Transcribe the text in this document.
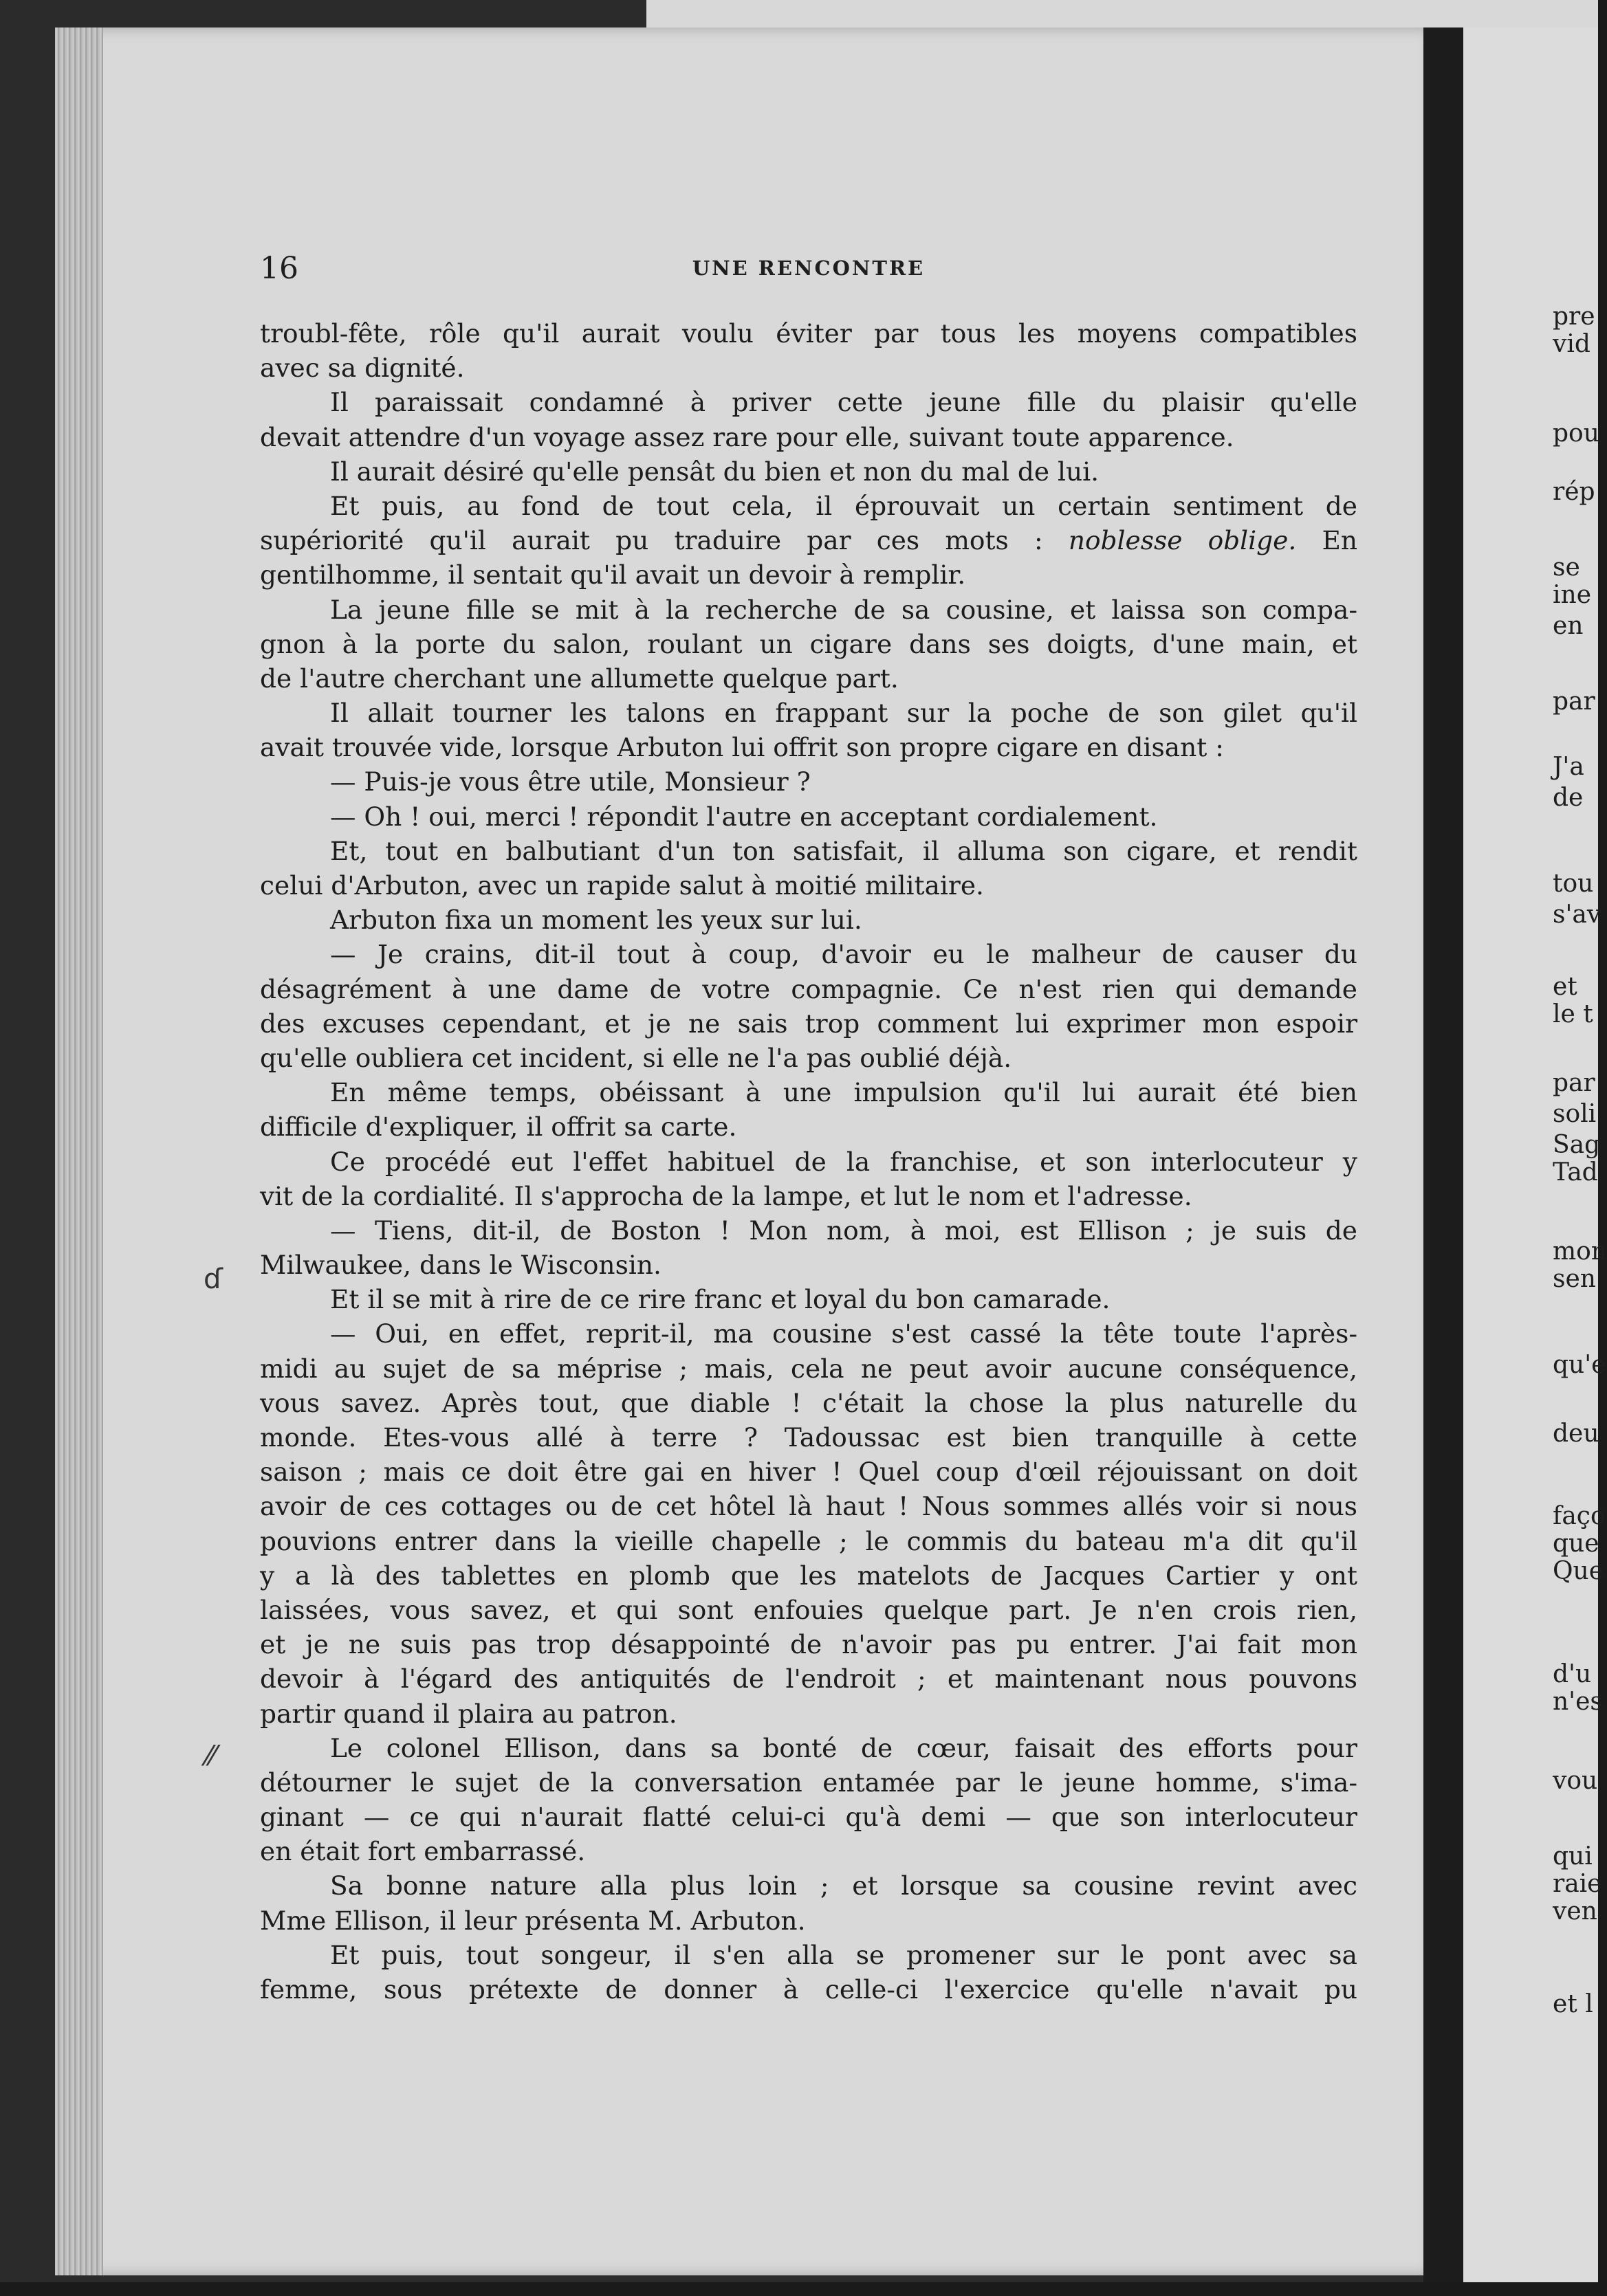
16	UNE RENCONTRE
troubl-fête, rôle qu'il aurait voulu éviter par tous les moyens compatibles
avec sa dignité.
Il paraissait condamné à priver cette jeune fille du plaisir qu'elle
devait attendre d'un voyage assez rare pour elle, suivant toute apparence.
Il aurait désiré qu'elle pensât du bien et non du mal de lui.
Et puis, au fond de tout cela, il éprouvait un certain sentiment de
supériorité qu'il aurait pu traduire par ces mots : noblesse oblige. En
gentilhomme, il sentait qu'il avait un devoir à remplir.
La jeune fille se mit à la recherche de sa cousine, et laissa son compa-
gnon à la porte du salon, roulant un cigare dans ses doigts, d'une main, et
de l'autre cherchant une allumette quelque part.
Il allait tourner les talons en frappant sur la poche de son gilet qu'il
avait trouvée vide, lorsque Arbuton lui offrit son propre cigare en disant :
— Puis-je vous être utile, Monsieur ?
— Oh ! oui, merci ! répondit l'autre en acceptant cordialement.
Et, tout en balbutiant d'un ton satisfait, il alluma son cigare, et rendit
celui d'Arbuton, avec un rapide salut à moitié militaire.
Arbuton fixa un moment les yeux sur lui.
— Je crains, dit-il tout à coup, d'avoir eu le malheur de causer du
désagrément à une dame de votre compagnie. Ce n'est rien qui demande
des excuses cependant, et je ne sais trop comment lui exprimer mon espoir
qu'elle oubliera cet incident, si elle ne l'a pas oublié déjà.
En même temps, obéissant à une impulsion qu'il lui aurait été bien
difficile d'expliquer, il offrit sa carte.
Ce procédé eut l'effet habituel de la franchise, et son interlocuteur y
vit de la cordialité. Il s'approcha de la lampe, et lut le nom et l'adresse.
— Tiens, dit-il, de Boston ! Mon nom, à moi, est Ellison ; je suis de
Milwaukee, dans le Wisconsin.
Et il se mit à rire de ce rire franc et loyal du bon camarade.
— Oui, en effet, reprit-il, ma cousine s'est cassé la tête toute l'après-
midi au sujet de sa méprise ; mais, cela ne peut avoir aucune conséquence,
vous savez. Après tout, que diable ! c'était la chose la plus naturelle du
monde. Etes-vous allé à terre ? Tadoussac est bien tranquille à cette
saison ; mais ce doit être gai en hiver ! Quel coup d'œil réjouissant on doit
avoir de ces cottages ou de cet hôtel là haut ! Nous sommes allés voir si nous
pouvions entrer dans la vieille chapelle ; le commis du bateau m'a dit qu'il
y a là des tablettes en plomb que les matelots de Jacques Cartier y ont
laissées, vous savez, et qui sont enfouies quelque part. Je n'en crois rien,
et je ne suis pas trop désappointé de n'avoir pas pu entrer. J'ai fait mon
devoir à l'égard des antiquités de l'endroit ; et maintenant nous pouvons
partir quand il plaira au patron.
Le colonel Ellison, dans sa bonté de cœur, faisait des efforts pour
détourner le sujet de la conversation entamée par le jeune homme, s'ima-
ginant — ce qui n'aurait flatté celui-ci qu'à demi — que son interlocuteur
en était fort embarrassé.
Sa bonne nature alla plus loin ; et lorsque sa cousine revint avec
Mme Ellison, il leur présenta M. Arbuton.
Et puis, tout songeur, il s'en alla se promener sur le pont avec sa
femme, sous prétexte de donner à celle-ci l'exercice qu'elle n'avait pu
pre
vid
pou
rép
se
ine
en
par
J'a
de
tou
s'av
et
le t
par
soli
Sag
Tad
mon
sen
qu'e
deu
faço
que
Que
d'u
n'es
vou
qui
raie
ven
et l
ɗ
⁄⁄
